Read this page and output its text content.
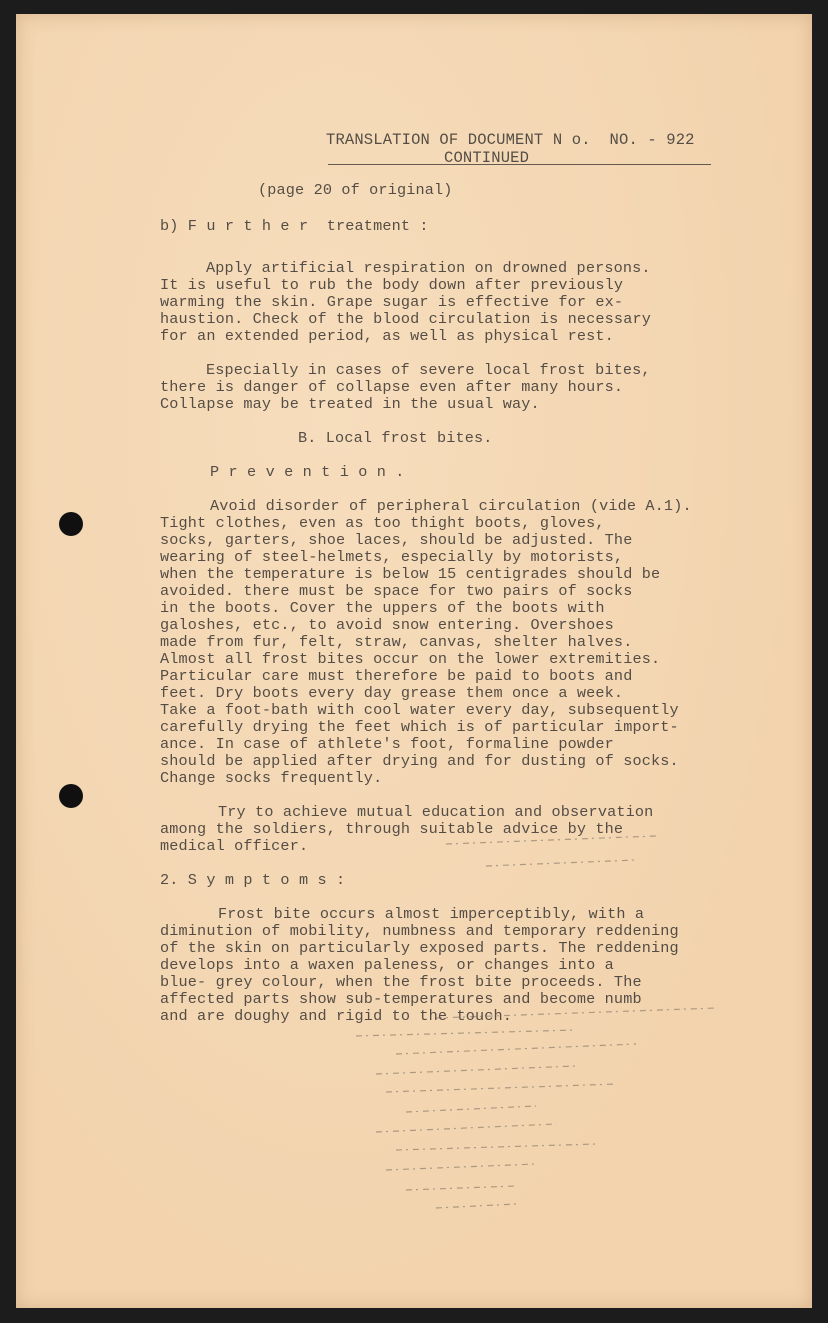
TRANSLATION OF DOCUMENT N o.  NO. - 922
CONTINUED
(page 20 of original)
b) F u r t h e r  treatment :
Apply artificial respiration on drowned persons.
It is useful to rub the body down after previously
warming the skin. Grape sugar is effective for ex-
haustion. Check of the blood circulation is necessary
for an extended period, as well as physical rest.
Especially in cases of severe local frost bites,
there is danger of collapse even after many hours.
Collapse may be treated in the usual way.
B. Local frost bites.
P r e v e n t i o n .
Avoid disorder of peripheral circulation (vide A.1).
Tight clothes, even as too thight boots, gloves,
socks, garters, shoe laces, should be adjusted. The
wearing of steel-helmets, especially by motorists,
when the temperature is below 15 centigrades should be
avoided. there must be space for two pairs of socks
in the boots. Cover the uppers of the boots with
galoshes, etc., to avoid snow entering. Overshoes
made from fur, felt, straw, canvas, shelter halves.
Almost all frost bites occur on the lower extremities.
Particular care must therefore be paid to boots and
feet. Dry boots every day grease them once a week.
Take a foot-bath with cool water every day, subsequently
carefully drying the feet which is of particular import-
ance. In case of athlete's foot, formaline powder
should be applied after drying and for dusting of socks.
Change socks frequently.
Try to achieve mutual education and observation
among the soldiers, through suitable advice by the
medical officer.
2. S y m p t o m s :
Frost bite occurs almost imperceptibly, with a
diminution of mobility, numbness and temporary reddening
of the skin on particularly exposed parts. The reddening
develops into a waxen paleness, or changes into a
blue- grey colour, when the frost bite proceeds. The
affected parts show sub-temperatures and become numb
and are doughy and rigid to the touch.
